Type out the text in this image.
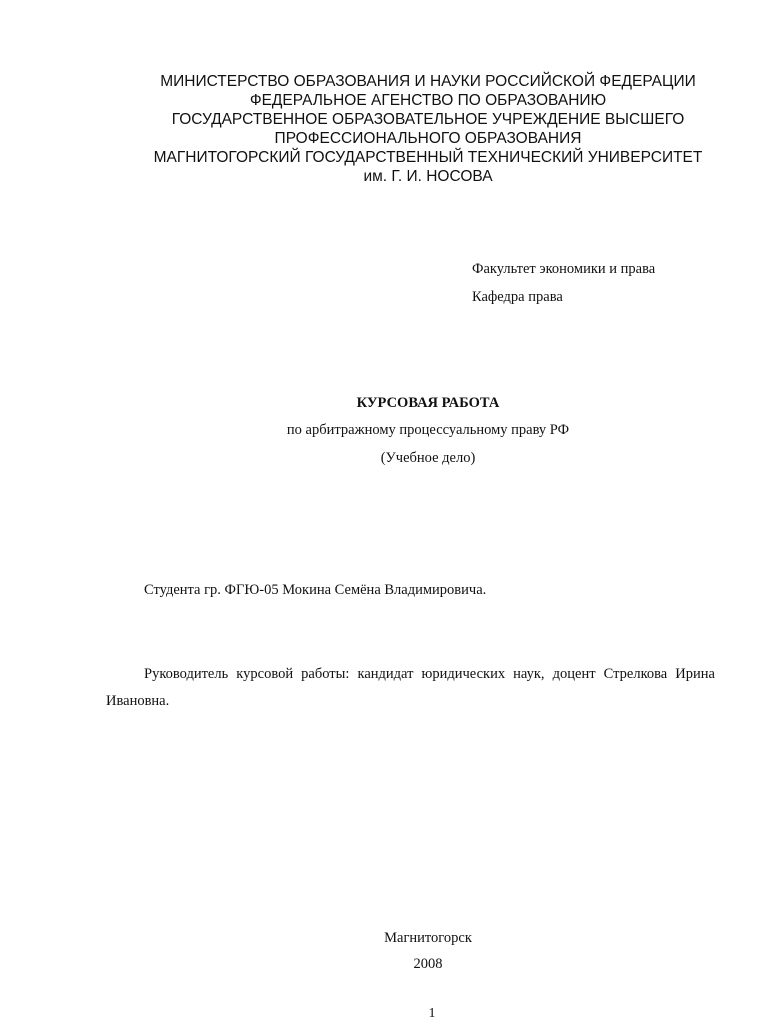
МИНИСТЕРСТВО ОБРАЗОВАНИЯ И НАУКИ РОССИЙСКОЙ ФЕДЕРАЦИИ
ФЕДЕРАЛЬНОЕ АГЕНСТВО ПО ОБРАЗОВАНИЮ
ГОСУДАРСТВЕННОЕ ОБРАЗОВАТЕЛЬНОЕ УЧРЕЖДЕНИЕ ВЫСШЕГО
ПРОФЕССИОНАЛЬНОГО ОБРАЗОВАНИЯ
МАГНИТОГОРСКИЙ ГОСУДАРСТВЕННЫЙ ТЕХНИЧЕСКИЙ УНИВЕРСИТЕТ
им. Г. И. НОСОВА
Факультет экономики и права
Кафедра права
КУРСОВАЯ РАБОТА
по арбитражному процессуальному праву РФ
(Учебное дело)
Студента гр. ФГЮ-05 Мокина Семёна Владимировича.
Руководитель курсовой работы: кандидат юридических наук, доцент Стрелкова Ирина Ивановна.
Магнитогорск
2008
1
